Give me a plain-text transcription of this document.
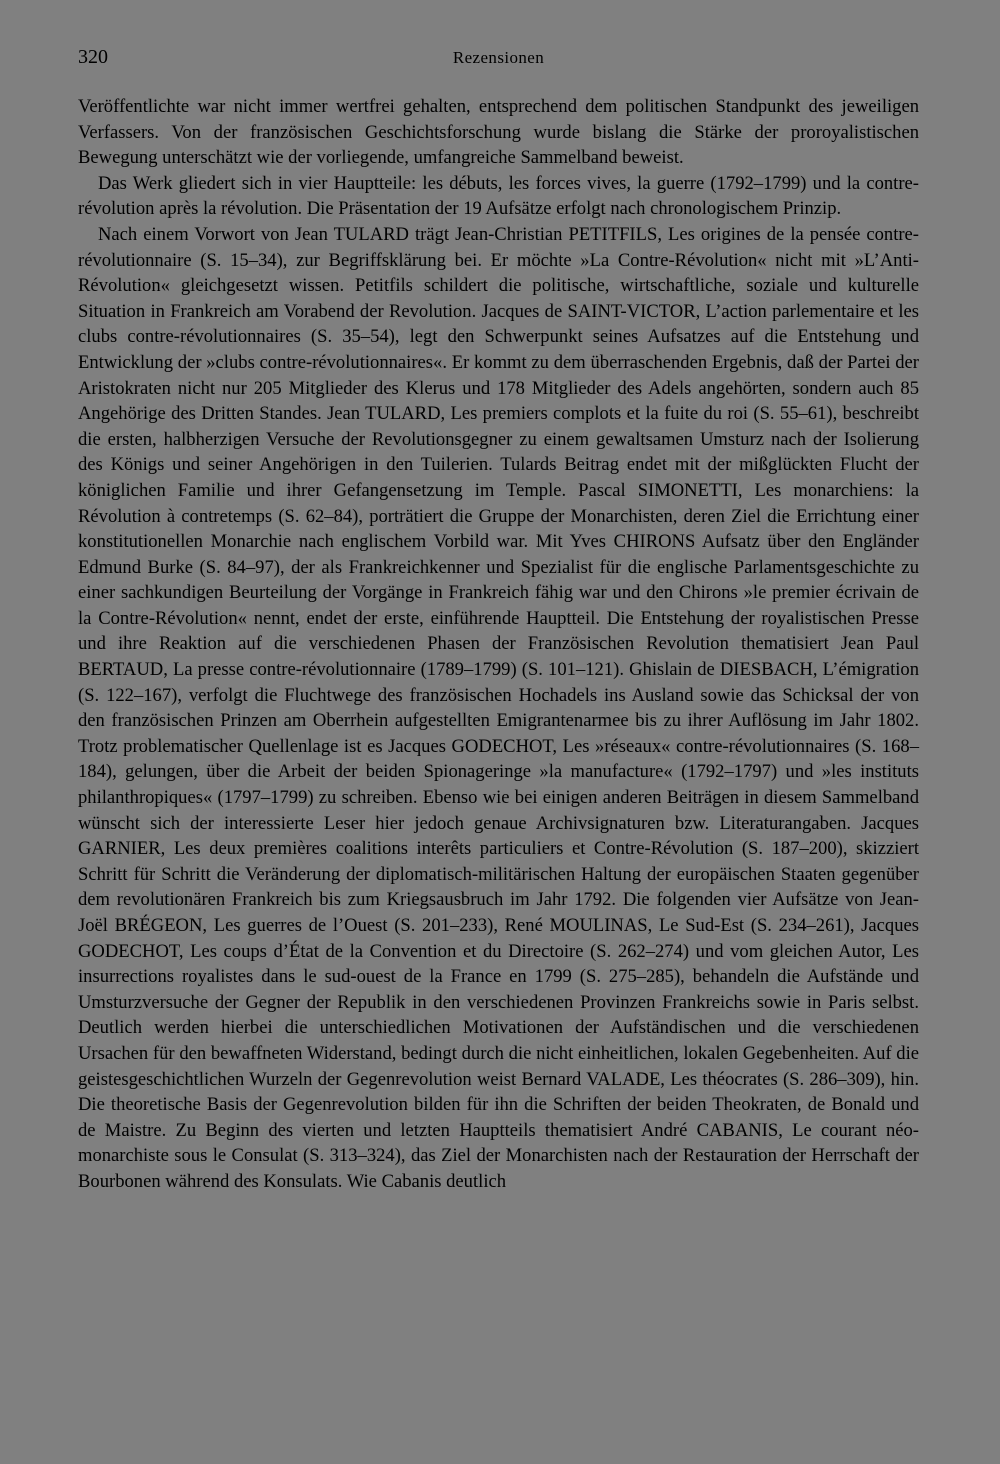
320	Rezensionen

Veröffentlichte war nicht immer wertfrei gehalten, entsprechend dem politischen Standpunkt des jeweiligen Verfassers. Von der französischen Geschichtsforschung wurde bislang die Stärke der proroyalistischen Bewegung unterschätzt wie der vorliegende, umfangreiche Sammelband beweist.

Das Werk gliedert sich in vier Hauptteile: les débuts, les forces vives, la guerre (1792–1799) und la contre-révolution après la révolution. Die Präsentation der 19 Aufsätze erfolgt nach chronologischem Prinzip.

Nach einem Vorwort von Jean TULARD trägt Jean-Christian PETITFILS, Les origines de la pensée contre-révolutionnaire (S. 15–34), zur Begriffsklärung bei. Er möchte »La Contre-Révolution« nicht mit »L’Anti-Révolution« gleichgesetzt wissen. Petitfils schildert die politische, wirtschaftliche, soziale und kulturelle Situation in Frankreich am Vorabend der Revolution. Jacques de SAINT-VICTOR, L’action parlementaire et les clubs contre-révolutionnaires (S. 35–54), legt den Schwerpunkt seines Aufsatzes auf die Entstehung und Entwicklung der »clubs contre-révolutionnaires«. Er kommt zu dem überraschenden Ergebnis, daß der Partei der Aristokraten nicht nur 205 Mitglieder des Klerus und 178 Mitglieder des Adels angehörten, sondern auch 85 Angehörige des Dritten Standes. Jean TULARD, Les premiers complots et la fuite du roi (S. 55–61), beschreibt die ersten, halbherzigen Versuche der Revolutionsgegner zu einem gewaltsamen Umsturz nach der Isolierung des Königs und seiner Angehörigen in den Tuilerien. Tulards Beitrag endet mit der mißglückten Flucht der königlichen Familie und ihrer Gefangensetzung im Temple. Pascal SIMONETTI, Les monarchiens: la Révolution à contretemps (S. 62–84), porträtiert die Gruppe der Monarchisten, deren Ziel die Errichtung einer konstitutionellen Monarchie nach englischem Vorbild war. Mit Yves CHIRONS Aufsatz über den Engländer Edmund Burke (S. 84–97), der als Frankreichkenner und Spezialist für die englische Parlamentsgeschichte zu einer sachkundigen Beurteilung der Vorgänge in Frankreich fähig war und den Chirons »le premier écrivain de la Contre-Révolution« nennt, endet der erste, einführende Hauptteil. Die Entstehung der royalistischen Presse und ihre Reaktion auf die verschiedenen Phasen der Französischen Revolution thematisiert Jean Paul BERTAUD, La presse contre-révolutionnaire (1789–1799) (S. 101–121). Ghislain de DIESBACH, L’émigration (S. 122–167), verfolgt die Fluchtwege des französischen Hochadels ins Ausland sowie das Schicksal der von den französischen Prinzen am Oberrhein aufgestellten Emigrantenarmee bis zu ihrer Auflösung im Jahr 1802. Trotz problematischer Quellenlage ist es Jacques GODECHOT, Les »réseaux« contre-révolutionnaires (S. 168–184), gelungen, über die Arbeit der beiden Spionageringe »la manufacture« (1792–1797) und »les instituts philanthropiques« (1797–1799) zu schreiben. Ebenso wie bei einigen anderen Beiträgen in diesem Sammelband wünscht sich der interessierte Leser hier jedoch genaue Archivsignaturen bzw. Literaturangaben. Jacques GARNIER, Les deux premières coalitions interêts particuliers et Contre-Révolution (S. 187–200), skizziert Schritt für Schritt die Veränderung der diplomatisch-militärischen Haltung der europäischen Staaten gegenüber dem revolutionären Frankreich bis zum Kriegsausbruch im Jahr 1792. Die folgenden vier Aufsätze von Jean-Joël BRÉGEON, Les guerres de l’Ouest (S. 201–233), René MOULINAS, Le Sud-Est (S. 234–261), Jacques GODECHOT, Les coups d’État de la Convention et du Directoire (S. 262–274) und vom gleichen Autor, Les insurrections royalistes dans le sud-ouest de la France en 1799 (S. 275–285), behandeln die Aufstände und Umsturzversuche der Gegner der Republik in den verschiedenen Provinzen Frankreichs sowie in Paris selbst. Deutlich werden hierbei die unterschiedlichen Motivationen der Aufständischen und die verschiedenen Ursachen für den bewaffneten Widerstand, bedingt durch die nicht einheitlichen, lokalen Gegebenheiten. Auf die geistesgeschichtlichen Wurzeln der Gegenrevolution weist Bernard VALADE, Les théocrates (S. 286–309), hin. Die theoretische Basis der Gegenrevolution bilden für ihn die Schriften der beiden Theokraten, de Bonald und de Maistre. Zu Beginn des vierten und letzten Hauptteils thematisiert André CABANIS, Le courant néo-monarchiste sous le Consulat (S. 313–324), das Ziel der Monarchisten nach der Restauration der Herrschaft der Bourbonen während des Konsulats. Wie Cabanis deutlich
